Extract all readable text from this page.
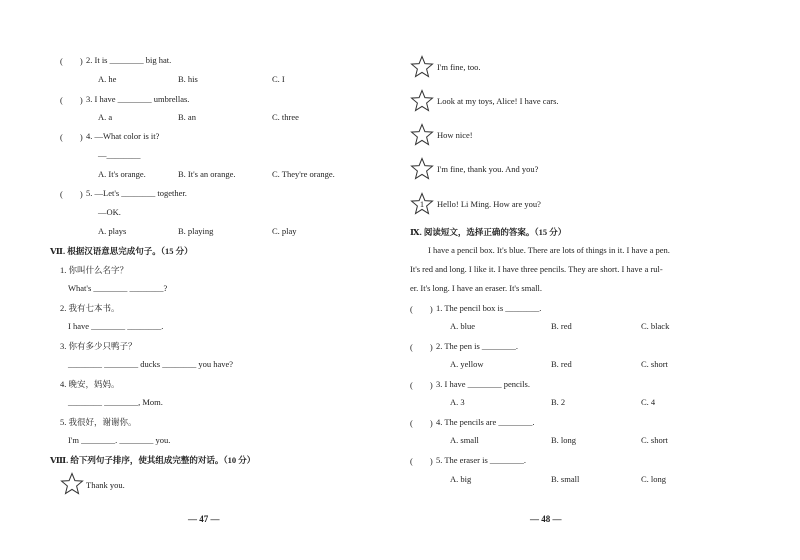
(　　) 2. It is ________ big hat.
A. he	B. his	C. I
(　　) 3. I have ________ umbrellas.
A. a	B. an	C. three
(　　) 4. —What color is it?
—________
A. It's orange.	B. It's an orange.	C. They're orange.
(　　) 5. —Let's ________ together.
—OK.
A. plays	B. playing	C. play
Ⅶ. 根据汉语意思完成句子。（15 分）
1. 你叫什么名字？
What's ________ ________?
2. 我有七本书。
I have ________ ________.
3. 你有多少只鸭子？
________ ________ ducks ________ you have?
4. 晚安，妈妈。
________ ________, Mom.
5. 我很好，谢谢你。
I'm ________. ________ you.
Ⅷ. 给下列句子排序，使其组成完整的对话。（10 分）
Thank you.
— 47 —
I'm fine, too.
Look at my toys, Alice! I have cars.
How nice!
I'm fine, thank you. And you?
1	Hello! Li Ming. How are you?
Ⅸ. 阅读短文，选择正确的答案。（15 分）
I have a pencil box. It's blue. There are lots of things in it. I have a pen.
It's red and long. I like it. I have three pencils. They are short. I have a rul-
er. It's long. I have an eraser. It's small.
(　　) 1. The pencil box is ________.
A. blue	B. red	C. black
(　　) 2. The pen is ________.
A. yellow	B. red	C. short
(　　) 3. I have ________ pencils.
A. 3	B. 2	C. 4
(　　) 4. The pencils are ________.
A. small	B. long	C. short
(　　) 5. The eraser is ________.
A. big	B. small	C. long
— 48 —
